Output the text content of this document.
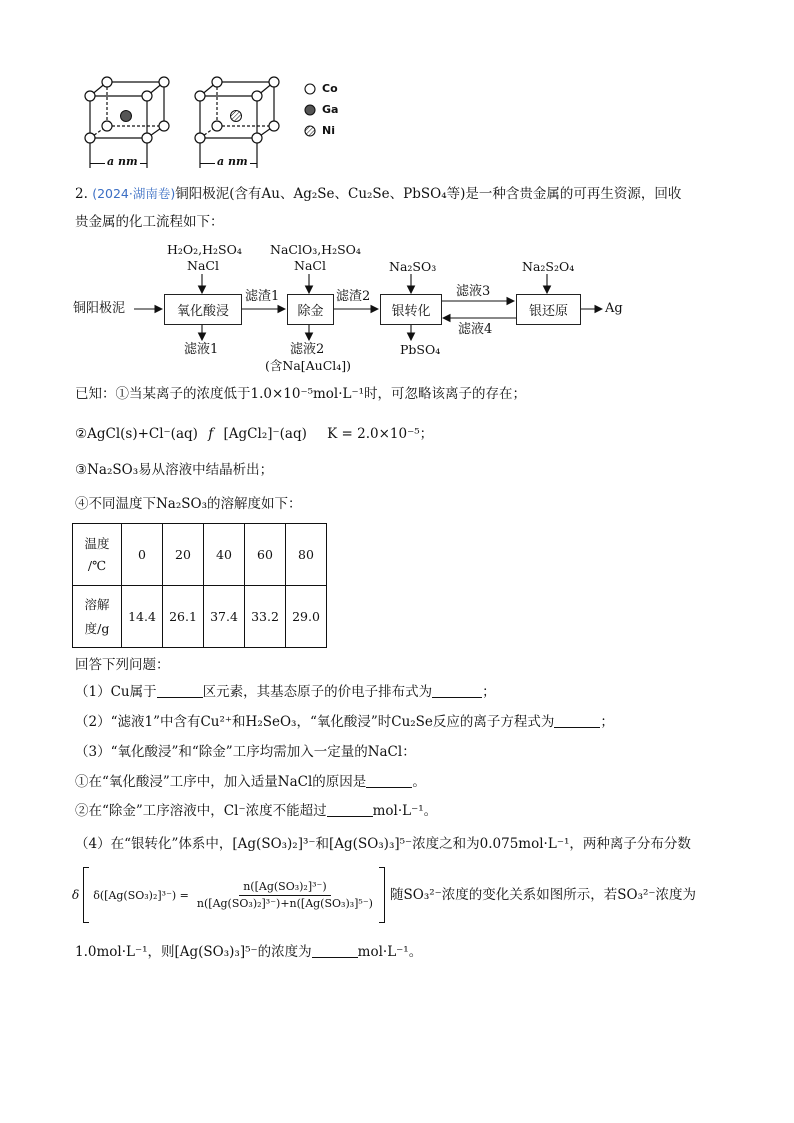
Co
Ga
Ni
a nm	a nm
2. (2024·湖南卷)铜阳极泥(含有Au、Ag₂Se、Cu₂Se、PbSO₄等)是一种含贵金属的可再生资源，回收
贵金属的化工流程如下：
铜阳极泥	氧化酸浸	除金	银转化	银还原	Ag
H₂O₂,H₂SO₄
NaCl
NaClO₃,H₂SO₄
NaCl	Na₂SO₃	Na₂S₂O₄
滤渣1	滤渣2	滤液3
滤液4
滤液1	滤液2
(含Na[AuCl₄])
PbSO₄
已知：①当某离子的浓度低于1.0×10⁻⁵mol·L⁻¹时，可忽略该离子的存在；
②AgCl(s)+Cl⁻(aq) f [AgCl₂]⁻(aq) K = 2.0×10⁻⁵；
③Na₂SO₃易从溶液中结晶析出；
④不同温度下Na₂SO₃的溶解度如下：
温度
/℃	0	20	40	60	80
溶解
度/g	14.4	26.1	37.4	33.2	29.0
回答下列问题：
（1）Cu属于	区元素，其基态原子的价电子排布式为	；
（2）“滤液1”中含有Cu²⁺和H₂SeO₃，“氧化酸浸”时Cu₂Se反应的离子方程式为	；
（3）“氧化酸浸”和“除金”工序均需加入一定量的NaCl：
①在“氧化酸浸”工序中，加入适量NaCl的原因是	。
②在“除金”工序溶液中，Cl⁻浓度不能超过	mol·L⁻¹。
（4）在“银转化”体系中，[Ag(SO₃)₂]³⁻和[Ag(SO₃)₃]⁵⁻浓度之和为0.075mol·L⁻¹，两种离子分布分数
δ $\delta([Ag(SO_3)_2]^{3-}) = \frac{\text{n([Ag(SO₃)₂]³⁻)}}{\text{n([Ag(SO₃)₂]³⁻)+n([Ag(SO₃)₃]⁵⁻)}}$ 随SO₃²⁻浓度的变化关系如图所示，若SO₃²⁻浓度为
1.0mol·L⁻¹，则[Ag(SO₃)₃]⁵⁻的浓度为	mol·L⁻¹。
